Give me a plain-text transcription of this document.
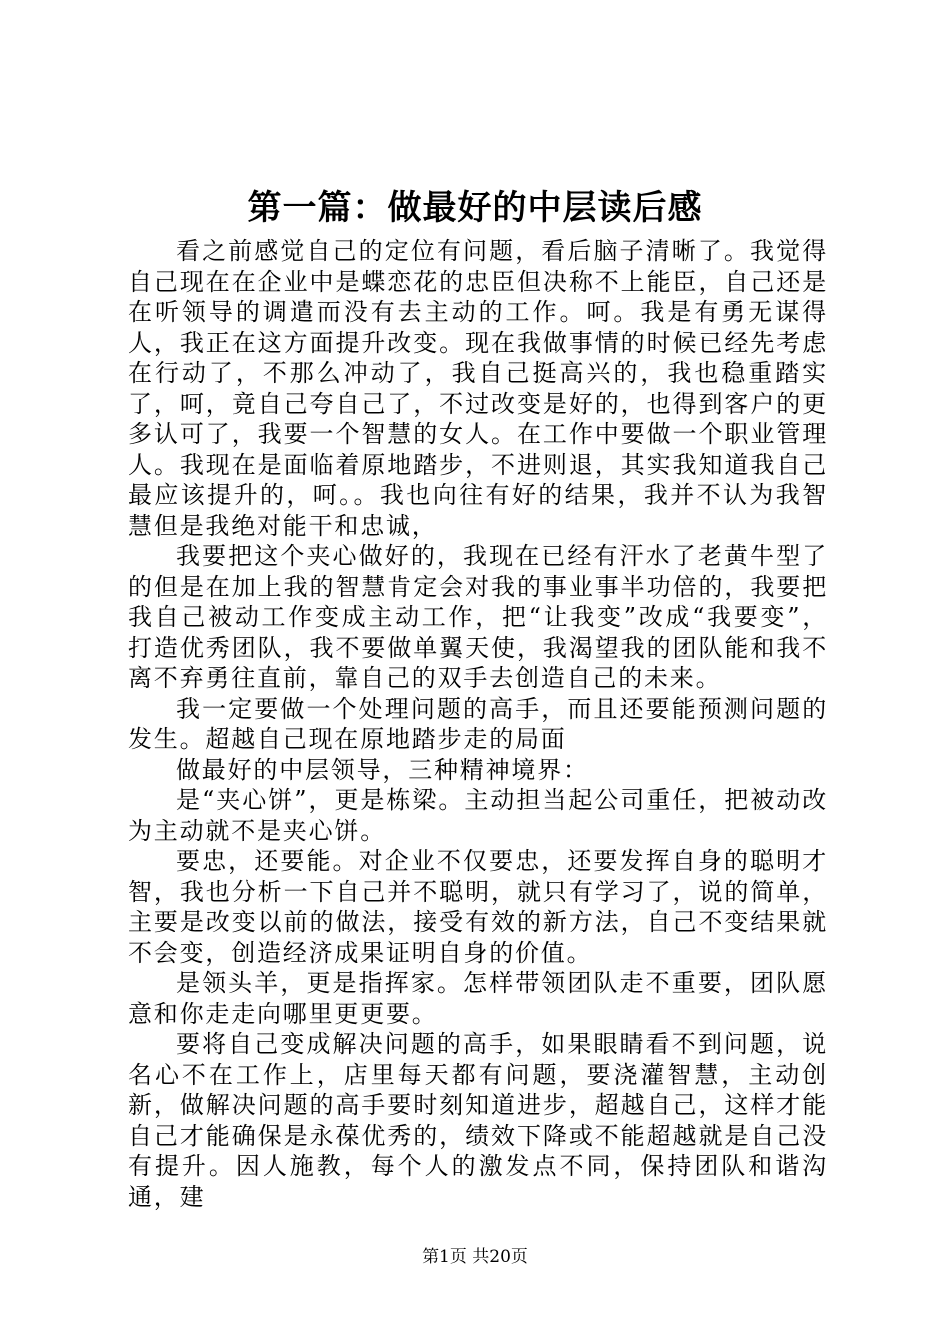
第一篇：做最好的中层读后感

看之前感觉自己的定位有问题，看后脑子清晰了。我觉得自己现在在企业中是蝶恋花的忠臣但决称不上能臣，自己还是在听领导的调遣而没有去主动的工作。呵。我是有勇无谋得人，我正在这方面提升改变。现在我做事情的时候已经先考虑在行动了，不那么冲动了，我自己挺高兴的，我也稳重踏实了，呵，竟自己夸自己了，不过改变是好的，也得到客户的更多认可了，我要一个智慧的女人。在工作中要做一个职业管理人。我现在是面临着原地踏步，不进则退，其实我知道我自己最应该提升的，呵。。我也向往有好的结果，我并不认为我智慧但是我绝对能干和忠诚，

我要把这个夹心做好的，我现在已经有汗水了老黄牛型了的但是在加上我的智慧肯定会对我的事业事半功倍的，我要把我自己被动工作变成主动工作，把“让我变”改成“我要变”，打造优秀团队，我不要做单翼天使，我渴望我的团队能和我不离不弃勇往直前，靠自己的双手去创造自己的未来。

我一定要做一个处理问题的高手，而且还要能预测问题的发生。超越自己现在原地踏步走的局面

做最好的中层领导，三种精神境界：

是“夹心饼”，更是栋梁。主动担当起公司重任，把被动改为主动就不是夹心饼。

要忠，还要能。对企业不仅要忠，还要发挥自身的聪明才智，我也分析一下自己并不聪明，就只有学习了，说的简单，主要是改变以前的做法，接受有效的新方法，自己不变结果就不会变，创造经济成果证明自身的价值。

是领头羊，更是指挥家。怎样带领团队走不重要，团队愿意和你走走向哪里更更要。

要将自己变成解决问题的高手，如果眼睛看不到问题，说名心不在工作上，店里每天都有问题，要浇灌智慧，主动创新，做解决问题的高手要时刻知道进步，超越自己，这样才能自己才能确保是永葆优秀的，绩效下降或不能超越就是自己没有提升。因人施教，每个人的激发点不同，保持团队和谐沟通，建

第1页 共20页
